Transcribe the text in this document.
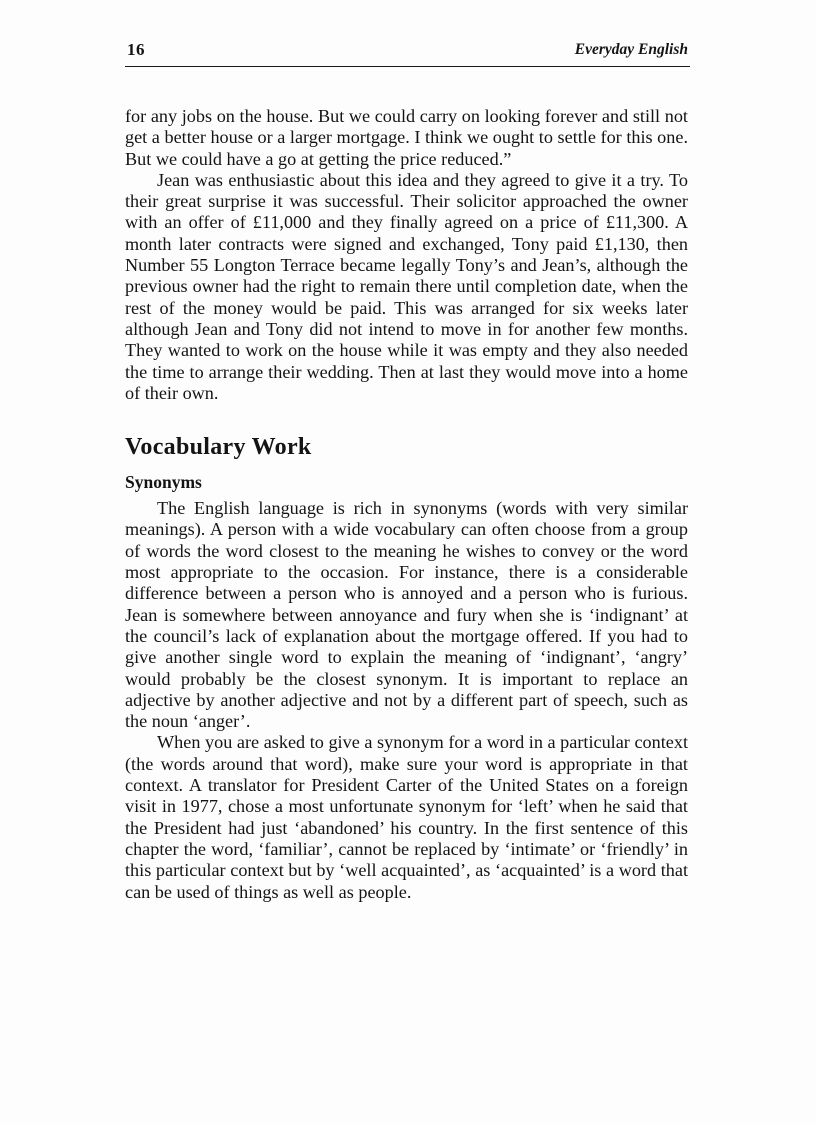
16	Everyday English

for any jobs on the house. But we could carry on looking forever and still not get a better house or a larger mortgage. I think we ought to settle for this one. But we could have a go at getting the price reduced.”

Jean was enthusiastic about this idea and they agreed to give it a try. To their great surprise it was successful. Their solicitor approached the owner with an offer of £11,000 and they finally agreed on a price of £11,300. A month later contracts were signed and exchanged, Tony paid £1,130, then Number 55 Longton Terrace became legally Tony’s and Jean’s, although the previous owner had the right to remain there until completion date, when the rest of the money would be paid. This was arranged for six weeks later although Jean and Tony did not intend to move in for another few months. They wanted to work on the house while it was empty and they also needed the time to arrange their wedding. Then at last they would move into a home of their own.

Vocabulary Work
Synonyms

The English language is rich in synonyms (words with very similar meanings). A person with a wide vocabulary can often choose from a group of words the word closest to the meaning he wishes to convey or the word most appropriate to the occasion. For instance, there is a considerable difference between a person who is annoyed and a person who is furious. Jean is somewhere between annoyance and fury when she is ‘indignant’ at the council’s lack of explanation about the mortgage offered. If you had to give another single word to explain the meaning of ‘indignant’, ‘angry’ would probably be the closest synonym. It is important to replace an adjective by another adjective and not by a different part of speech, such as the noun ‘anger’.

When you are asked to give a synonym for a word in a particular context (the words around that word), make sure your word is appropriate in that context. A translator for President Carter of the United States on a foreign visit in 1977, chose a most unfortunate synonym for ‘left’ when he said that the President had just ‘abandoned’ his country. In the first sentence of this chapter the word, ‘familiar’, cannot be replaced by ‘intimate’ or ‘friendly’ in this particular context but by ‘well acquainted’, as ‘acquainted’ is a word that can be used of things as well as people.
